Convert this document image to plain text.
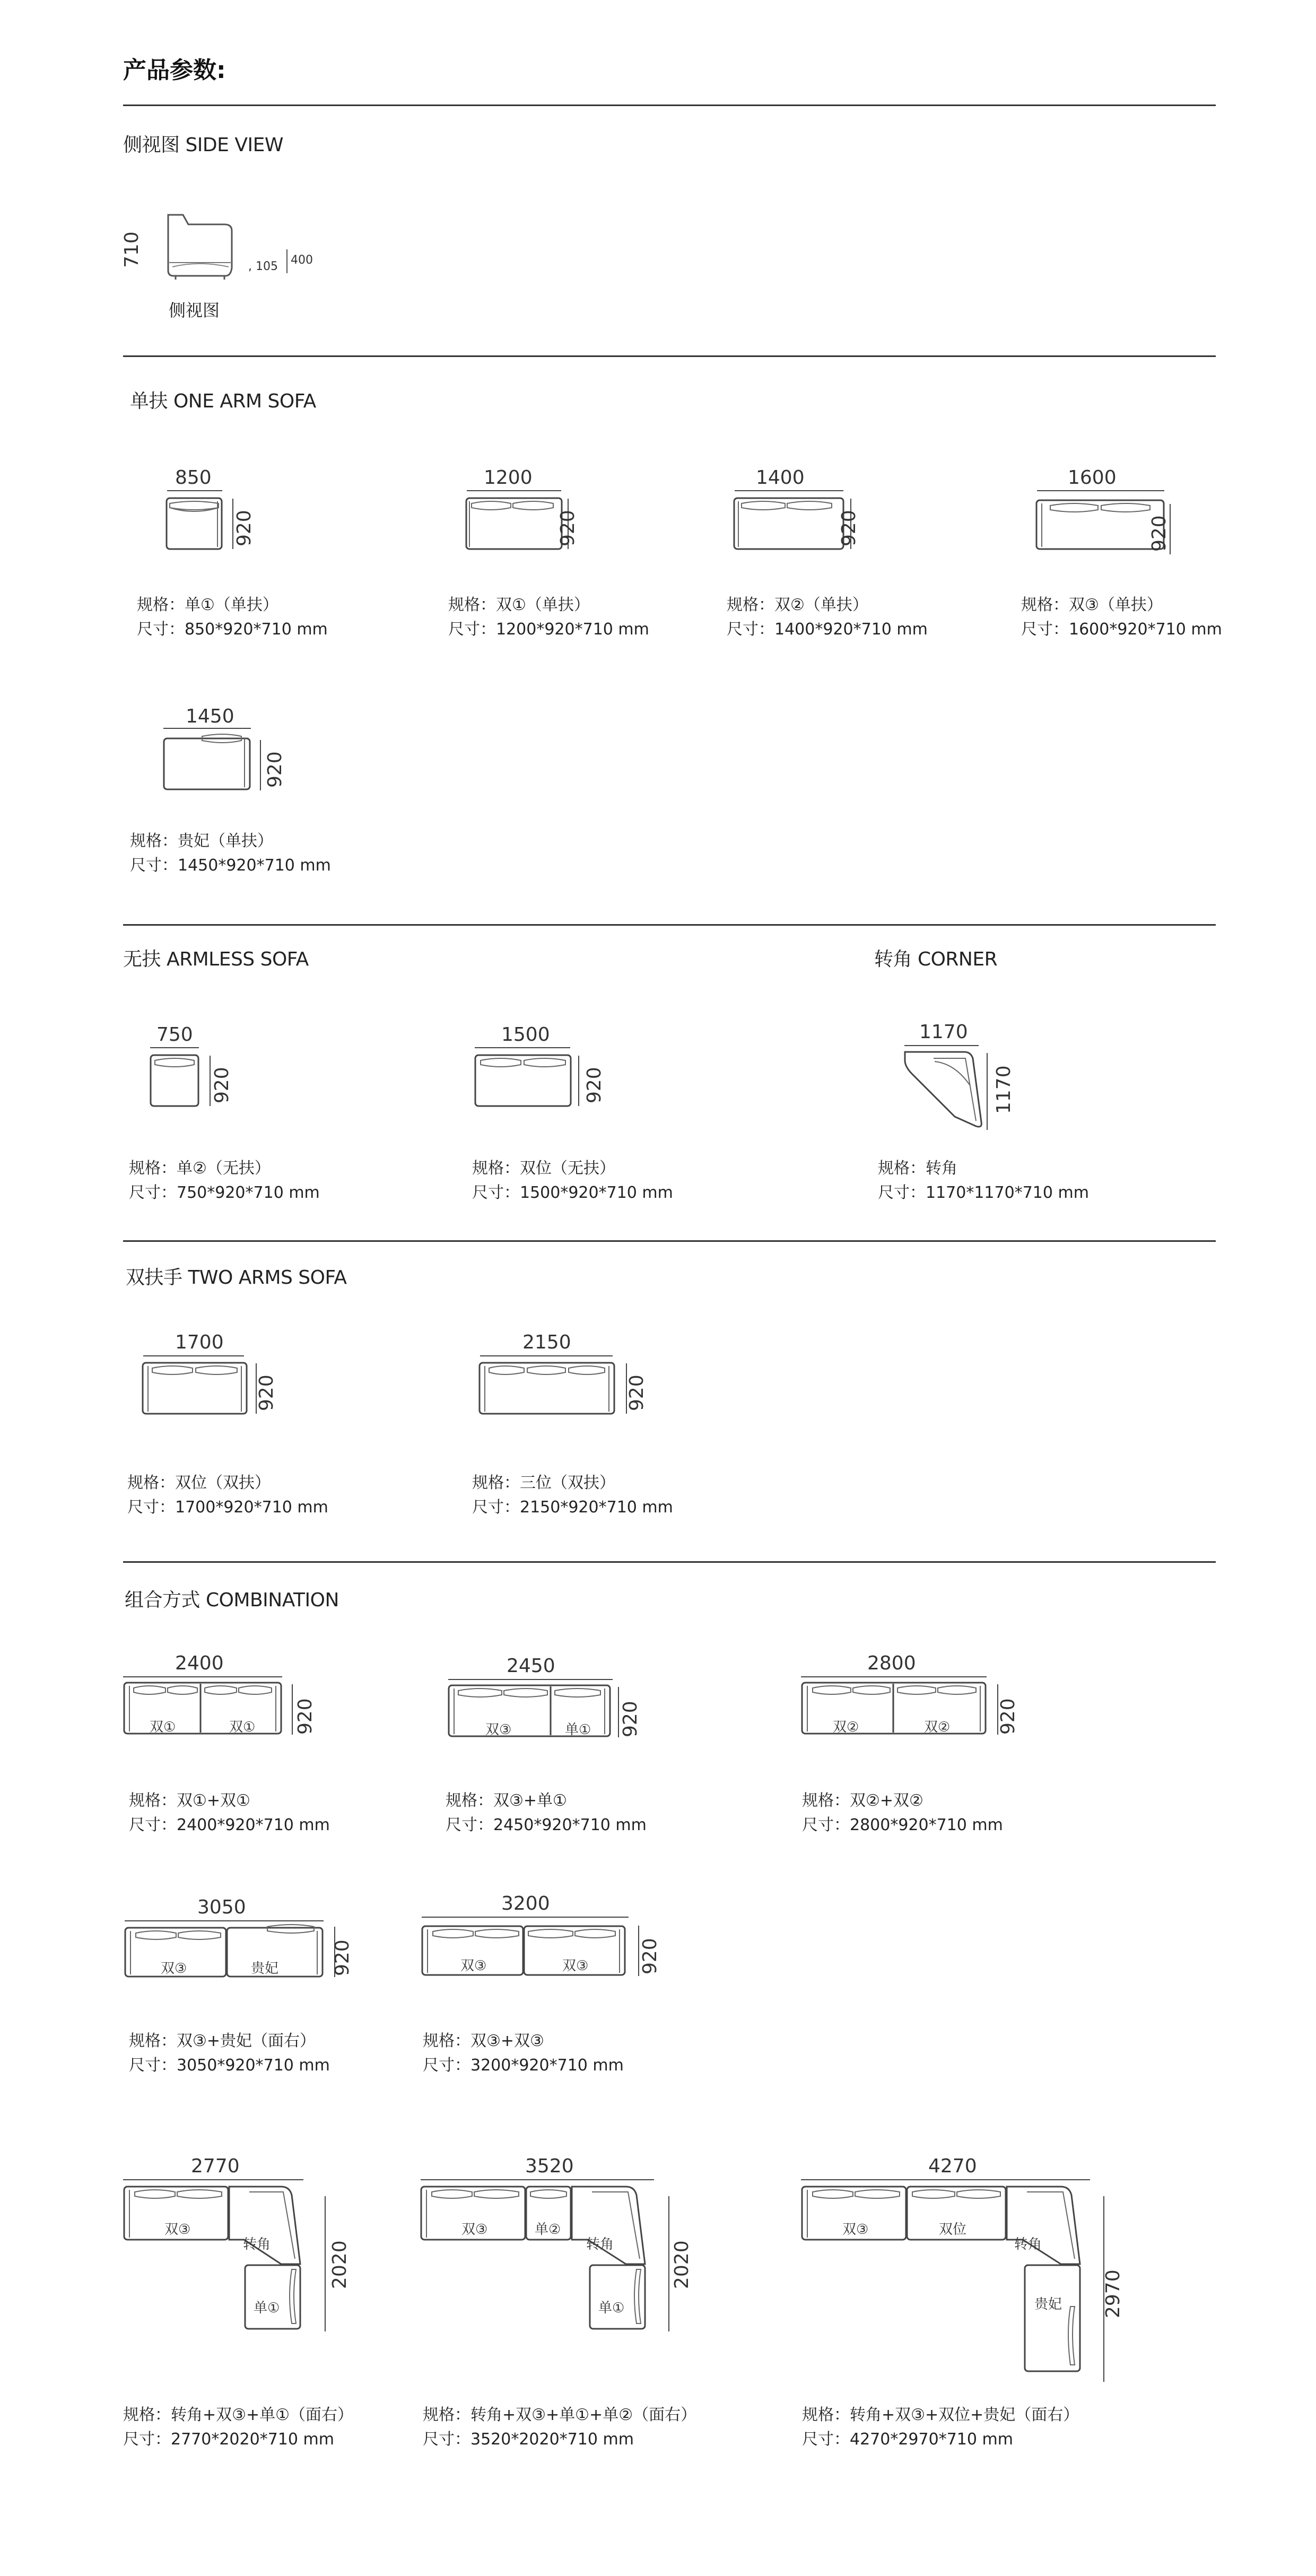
产品参数:
侧视图 SIDE VIEW
710	, 105 400
侧视图
单扶 ONE ARM SOFA
850
920
规格：单①（单扶）
尺寸：850*920*710 mm
1200
920
规格：双①（单扶）
尺寸：1200*920*710 mm
1400
920
规格：双②（单扶）
尺寸：1400*920*710 mm
1600
920
规格：双③（单扶）
尺寸：1600*920*710 mm
1450
920
规格：贵妃（单扶）
尺寸：1450*920*710 mm
无扶 ARMLESS SOFA
750
920
规格：单②（无扶）
尺寸：750*920*710 mm
1500
920
规格：双位（无扶）
尺寸：1500*920*710 mm
转角 CORNER
1170
1170
规格：转角
尺寸：1170*1170*710 mm
双扶手 TWO ARMS SOFA
1700
920
规格：双位（双扶）
尺寸：1700*920*710 mm
2150
920
规格：三位（双扶）
尺寸：2150*920*710 mm
组合方式 COMBINATION
2400
双①	双① 920
规格：双①+双①
尺寸：2400*920*710 mm
2450
双③	单① 920
规格：双③+单①
尺寸：2450*920*710 mm
2800
双②	双② 920
规格：双②+双②
尺寸：2800*920*710 mm
3050
双③	贵妃	920
规格：双③+贵妃（面右）
尺寸：3050*920*710 mm
3200
双③	双③	920
规格：双③+双③
尺寸：3200*920*710 mm
2770
双③
转角
单①
2020
规格：转角+双③+单①（面右）
尺寸：2770*2020*710 mm
3520
双③	单②
转角
单①
2020
规格：转角+双③+单①+单②（面右）
尺寸：3520*2020*710 mm
4270
双③	双位
转角
贵妃 2970
规格：转角+双③+双位+贵妃（面右）
尺寸：4270*2970*710 mm
